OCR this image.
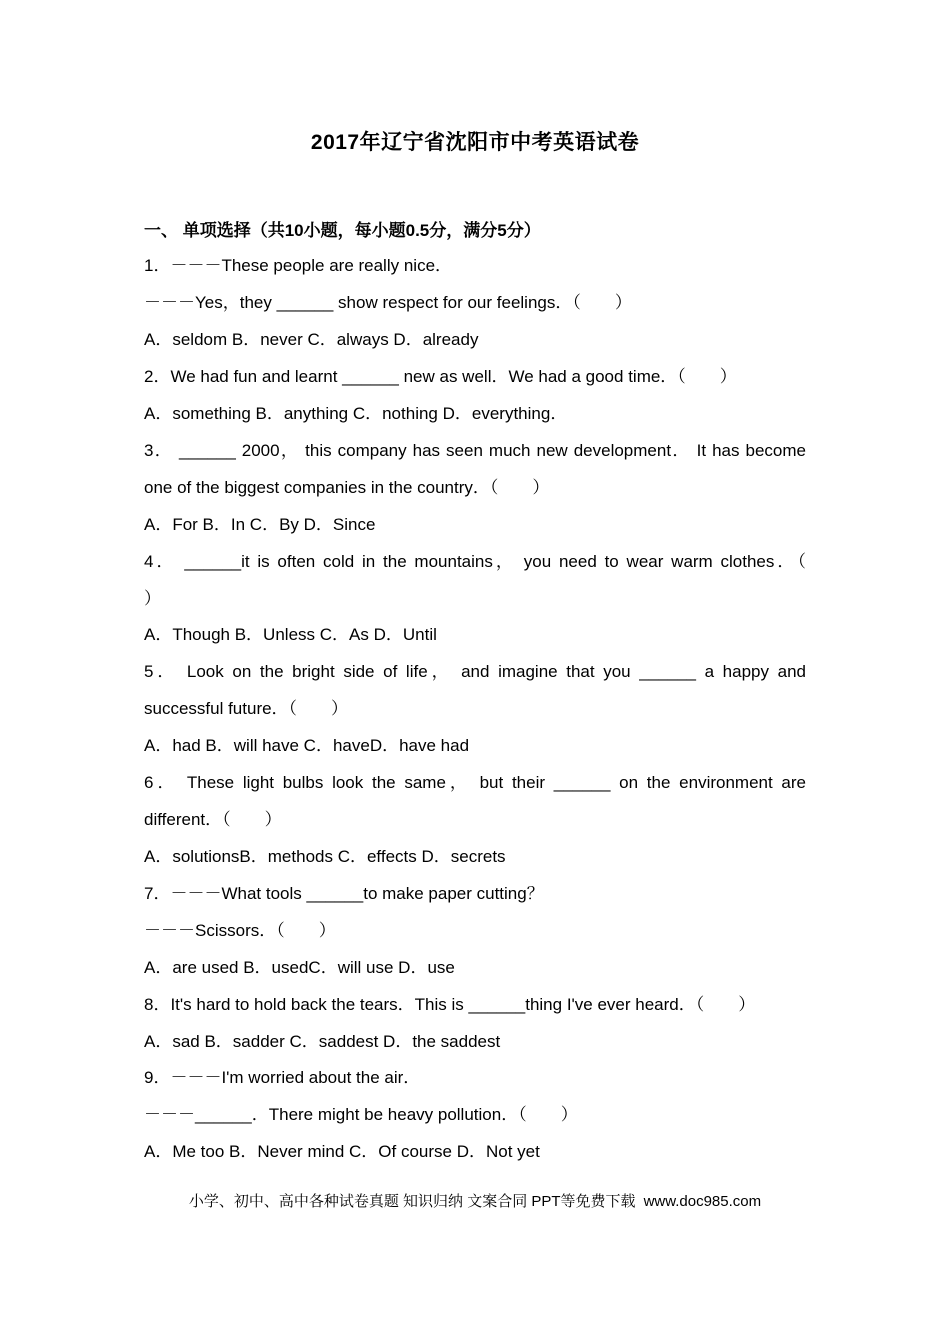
2017年辽宁省沈阳市中考英语试卷
一、 单项选择（共10小题，每小题0.5分，满分5分）
1．－－－These people are really nice．
－－－Yes，they ______ show respect for our feelings．（　　）
A．seldom B．never C．always D．already
2．We had fun and learnt ______ new as well．We had a good time．（　　）
A．something B．anything C．nothing D．everything．
3． ______ 2000， this company has seen much new development． It has become
one of the biggest companies in the country．（　　）
A．For B．In C．By D．Since
4． ______it is often cold in the mountains， you need to wear warm clothes．（
）
A．Though B．Unless C．As D．Until
5． Look on the bright side of life， and imagine that you ______ a happy and
successful future．（　　）
A．had B．will have C．haveD．have had
6． These light bulbs look the same， but their ______ on the environment are
different．（　　）
A．solutionsB．methods C．effects D．secrets
7．－－－What tools ______to make paper cutting？
－－－Scissors．（　　）
A．are used B．usedC．will use D．use
8．It's hard to hold back the tears．This is ______thing I've ever heard．（　　）
A．sad B．sadder C．saddest D．the saddest
9．－－－I'm worried about the air．
－－－______．There might be heavy pollution．（　　）
A．Me too B．Never mind C．Of course D．Not yet
小学、初中、高中各种试卷真题 知识归纳 文案合同 PPT等免费下载 www.doc985.com
